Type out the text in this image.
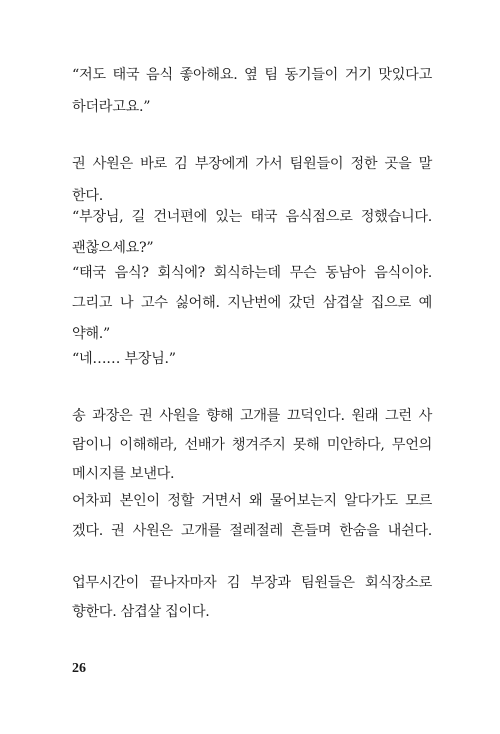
“저도 태국 음식 좋아해요. 옆 팀 동기들이 거기 맛있다고
하더라고요.”
권 사원은 바로 김 부장에게 가서 팀원들이 정한 곳을 말
한다.
“부장님, 길 건너편에 있는 태국 음식점으로 정했습니다.
괜찮으세요?”
“태국 음식? 회식에? 회식하는데 무슨 동남아 음식이야.
그리고 나 고수 싫어해. 지난번에 갔던 삼겹살 집으로 예
약해.”
“네…… 부장님.”
송 과장은 권 사원을 향해 고개를 끄덕인다. 원래 그런 사
람이니 이해해라, 선배가 챙겨주지 못해 미안하다, 무언의
메시지를 보낸다.
어차피 본인이 정할 거면서 왜 물어보는지 알다가도 모르
겠다. 권 사원은 고개를 절레절레 흔들며 한숨을 내쉰다.
업무시간이 끝나자마자 김 부장과 팀원들은 회식장소로
향한다. 삼겹살 집이다.
26
